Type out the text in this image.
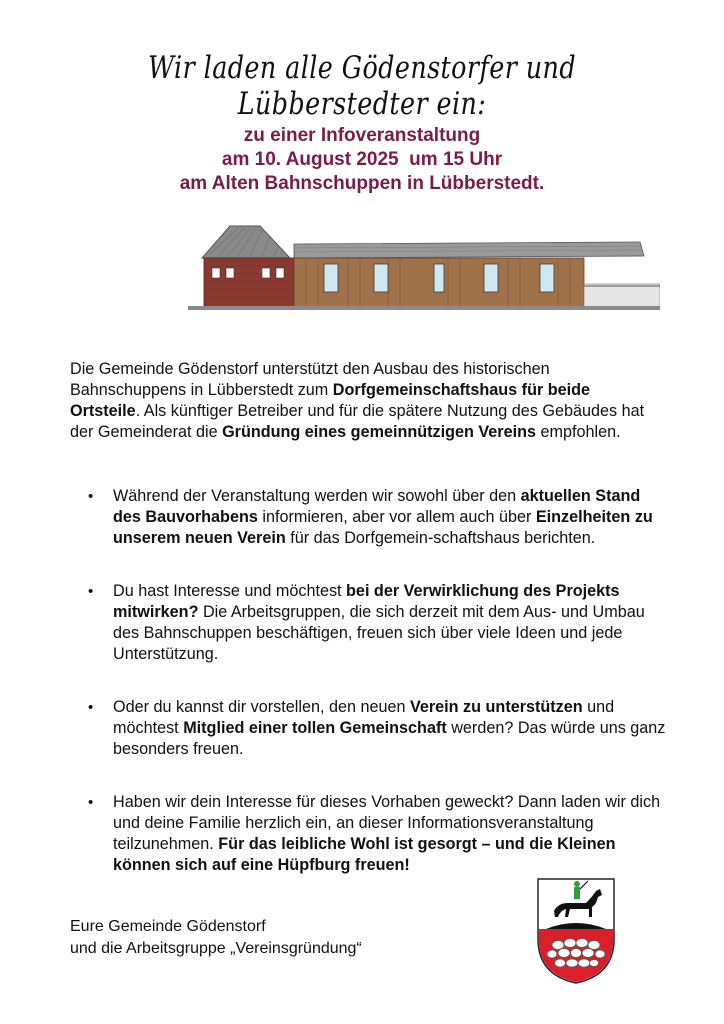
Wir laden alle Gödenstorfer und Lübberstedter ein:
zu einer Infoveranstaltung
am 10. August 2025  um 15 Uhr
am Alten Bahnschuppen in Lübberstedt.

Die Gemeinde Gödenstorf unterstützt den Ausbau des historischen Bahnschuppens in Lübberstedt zum Dorfgemeinschaftshaus für beide Ortsteile. Als künftiger Betreiber und für die spätere Nutzung des Gebäudes hat der Gemeinderat die Gründung eines gemeinnützigen Vereins empfohlen.

• Während der Veranstaltung werden wir sowohl über den aktuellen Stand des Bauvorhabens informieren, aber vor allem auch über Einzelheiten zu unserem neuen Verein für das Dorfgemein-schaftshaus berichten.
• Du hast Interesse und möchtest bei der Verwirklichung des Projekts mitwirken? Die Arbeitsgruppen, die sich derzeit mit dem Aus- und Umbau des Bahnschuppen beschäftigen, freuen sich über viele Ideen und jede Unterstützung.
• Oder du kannst dir vorstellen, den neuen Verein zu unterstützen und möchtest Mitglied einer tollen Gemeinschaft werden? Das würde uns ganz besonders freuen.
• Haben wir dein Interesse für dieses Vorhaben geweckt? Dann laden wir dich und deine Familie herzlich ein, an dieser Informationsveranstaltung teilzunehmen. Für das leibliche Wohl ist gesorgt – und die Kleinen können sich auf eine Hüpfburg freuen!
Eure Gemeinde Gödenstorf
und die Arbeitsgruppe „Vereinsgründung“
